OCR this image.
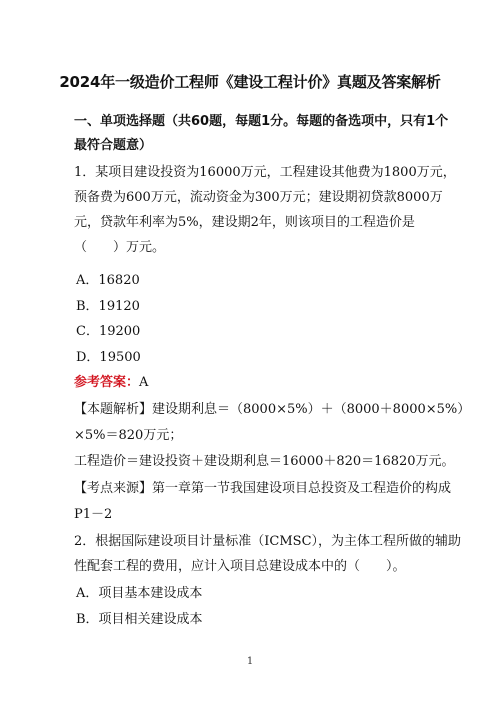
2024年一级造价工程师《建设工程计价》真题及答案解析
一、单项选择题（共60题，每题1分。每题的备选项中，只有1个
最符合题意）
1．某项目建设投资为16000万元，工程建设其他费为1800万元，
预备费为600万元，流动资金为300万元；建设期初贷款8000万
元，贷款年利率为5%，建设期2年，则该项目的工程造价是
（　　）万元。
A．16820
B．19120
C．19200
D．19500
参考答案：A
【本题解析】建设期利息＝（8000×5%）＋（8000＋8000×5%）
×5%＝820万元；
工程造价＝建设投资＋建设期利息＝16000＋820＝16820万元。
【考点来源】第一章第一节我国建设项目总投资及工程造价的构成
P1－2
2．根据国际建设项目计量标准（ICMSC），为主体工程所做的辅助
性配套工程的费用，应计入项目总建设成本中的（　　）。
A．项目基本建设成本
B．项目相关建设成本
1
